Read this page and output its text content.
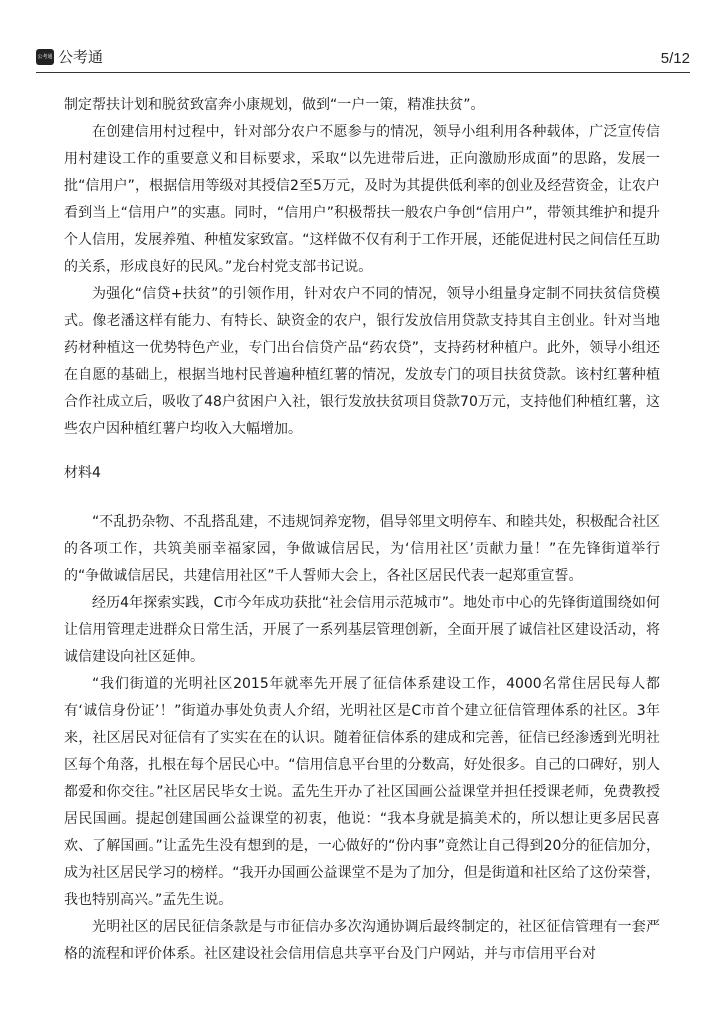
公考通 公考通	5/12

制定帮扶计划和脱贫致富奔小康规划，做到“一户一策，精准扶贫”。

在创建信用村过程中，针对部分农户不愿参与的情况，领导小组利用各种载体，广泛宣传信用村建设工作的重要意义和目标要求，采取“以先进带后进，正向激励形成面”的思路，发展一批“信用户”，根据信用等级对其授信2至5万元，及时为其提供低利率的创业及经营资金，让农户看到当上“信用户”的实惠。同时，“信用户”积极帮扶一般农户争创“信用户”，带领其维护和提升个人信用，发展养殖、种植发家致富。“这样做不仅有利于工作开展，还能促进村民之间信任互助的关系，形成良好的民风。”龙台村党支部书记说。

为强化“信贷+扶贫”的引领作用，针对农户不同的情况，领导小组量身定制不同扶贫信贷模式。像老潘这样有能力、有特长、缺资金的农户，银行发放信用贷款支持其自主创业。针对当地药材种植这一优势特色产业，专门出台信贷产品“药农贷”，支持药材种植户。此外，领导小组还在自愿的基础上，根据当地村民普遍种植红薯的情况，发放专门的项目扶贫贷款。该村红薯种植合作社成立后，吸收了48户贫困户入社，银行发放扶贫项目贷款70万元，支持他们种植红薯，这些农户因种植红薯户均收入大幅增加。

材料4

“不乱扔杂物、不乱搭乱建，不违规饲养宠物，倡导邻里文明停车、和睦共处，积极配合社区的各项工作，共筑美丽幸福家园，争做诚信居民，为‘信用社区’贡献力量！”在先锋街道举行的“争做诚信居民，共建信用社区”千人誓师大会上，各社区居民代表一起郑重宣誓。

经历4年探索实践，C市今年成功获批“社会信用示范城市”。地处市中心的先锋街道围绕如何让信用管理走进群众日常生活，开展了一系列基层管理创新，全面开展了诚信社区建设活动，将诚信建设向社区延伸。

“我们街道的光明社区2015年就率先开展了征信体系建设工作，4000名常住居民每人都有‘诚信身份证’！”街道办事处负责人介绍，光明社区是C市首个建立征信管理体系的社区。3年来，社区居民对征信有了实实在在的认识。随着征信体系的建成和完善，征信已经渗透到光明社区每个角落，扎根在每个居民心中。“信用信息平台里的分数高，好处很多。自己的口碑好，别人都爱和你交往。”社区居民毕女士说。孟先生开办了社区国画公益课堂并担任授课老师，免费教授居民国画。提起创建国画公益课堂的初衷，他说：“我本身就是搞美术的，所以想让更多居民喜欢、了解国画。”让孟先生没有想到的是，一心做好的“份内事”竟然让自己得到20分的征信加分，成为社区居民学习的榜样。“我开办国画公益课堂不是为了加分，但是街道和社区给了这份荣誉，我也特别高兴。”孟先生说。

光明社区的居民征信条款是与市征信办多次沟通协调后最终制定的，社区征信管理有一套严格的流程和评价体系。社区建设社会信用信息共享平台及门户网站，并与市信用平台对
